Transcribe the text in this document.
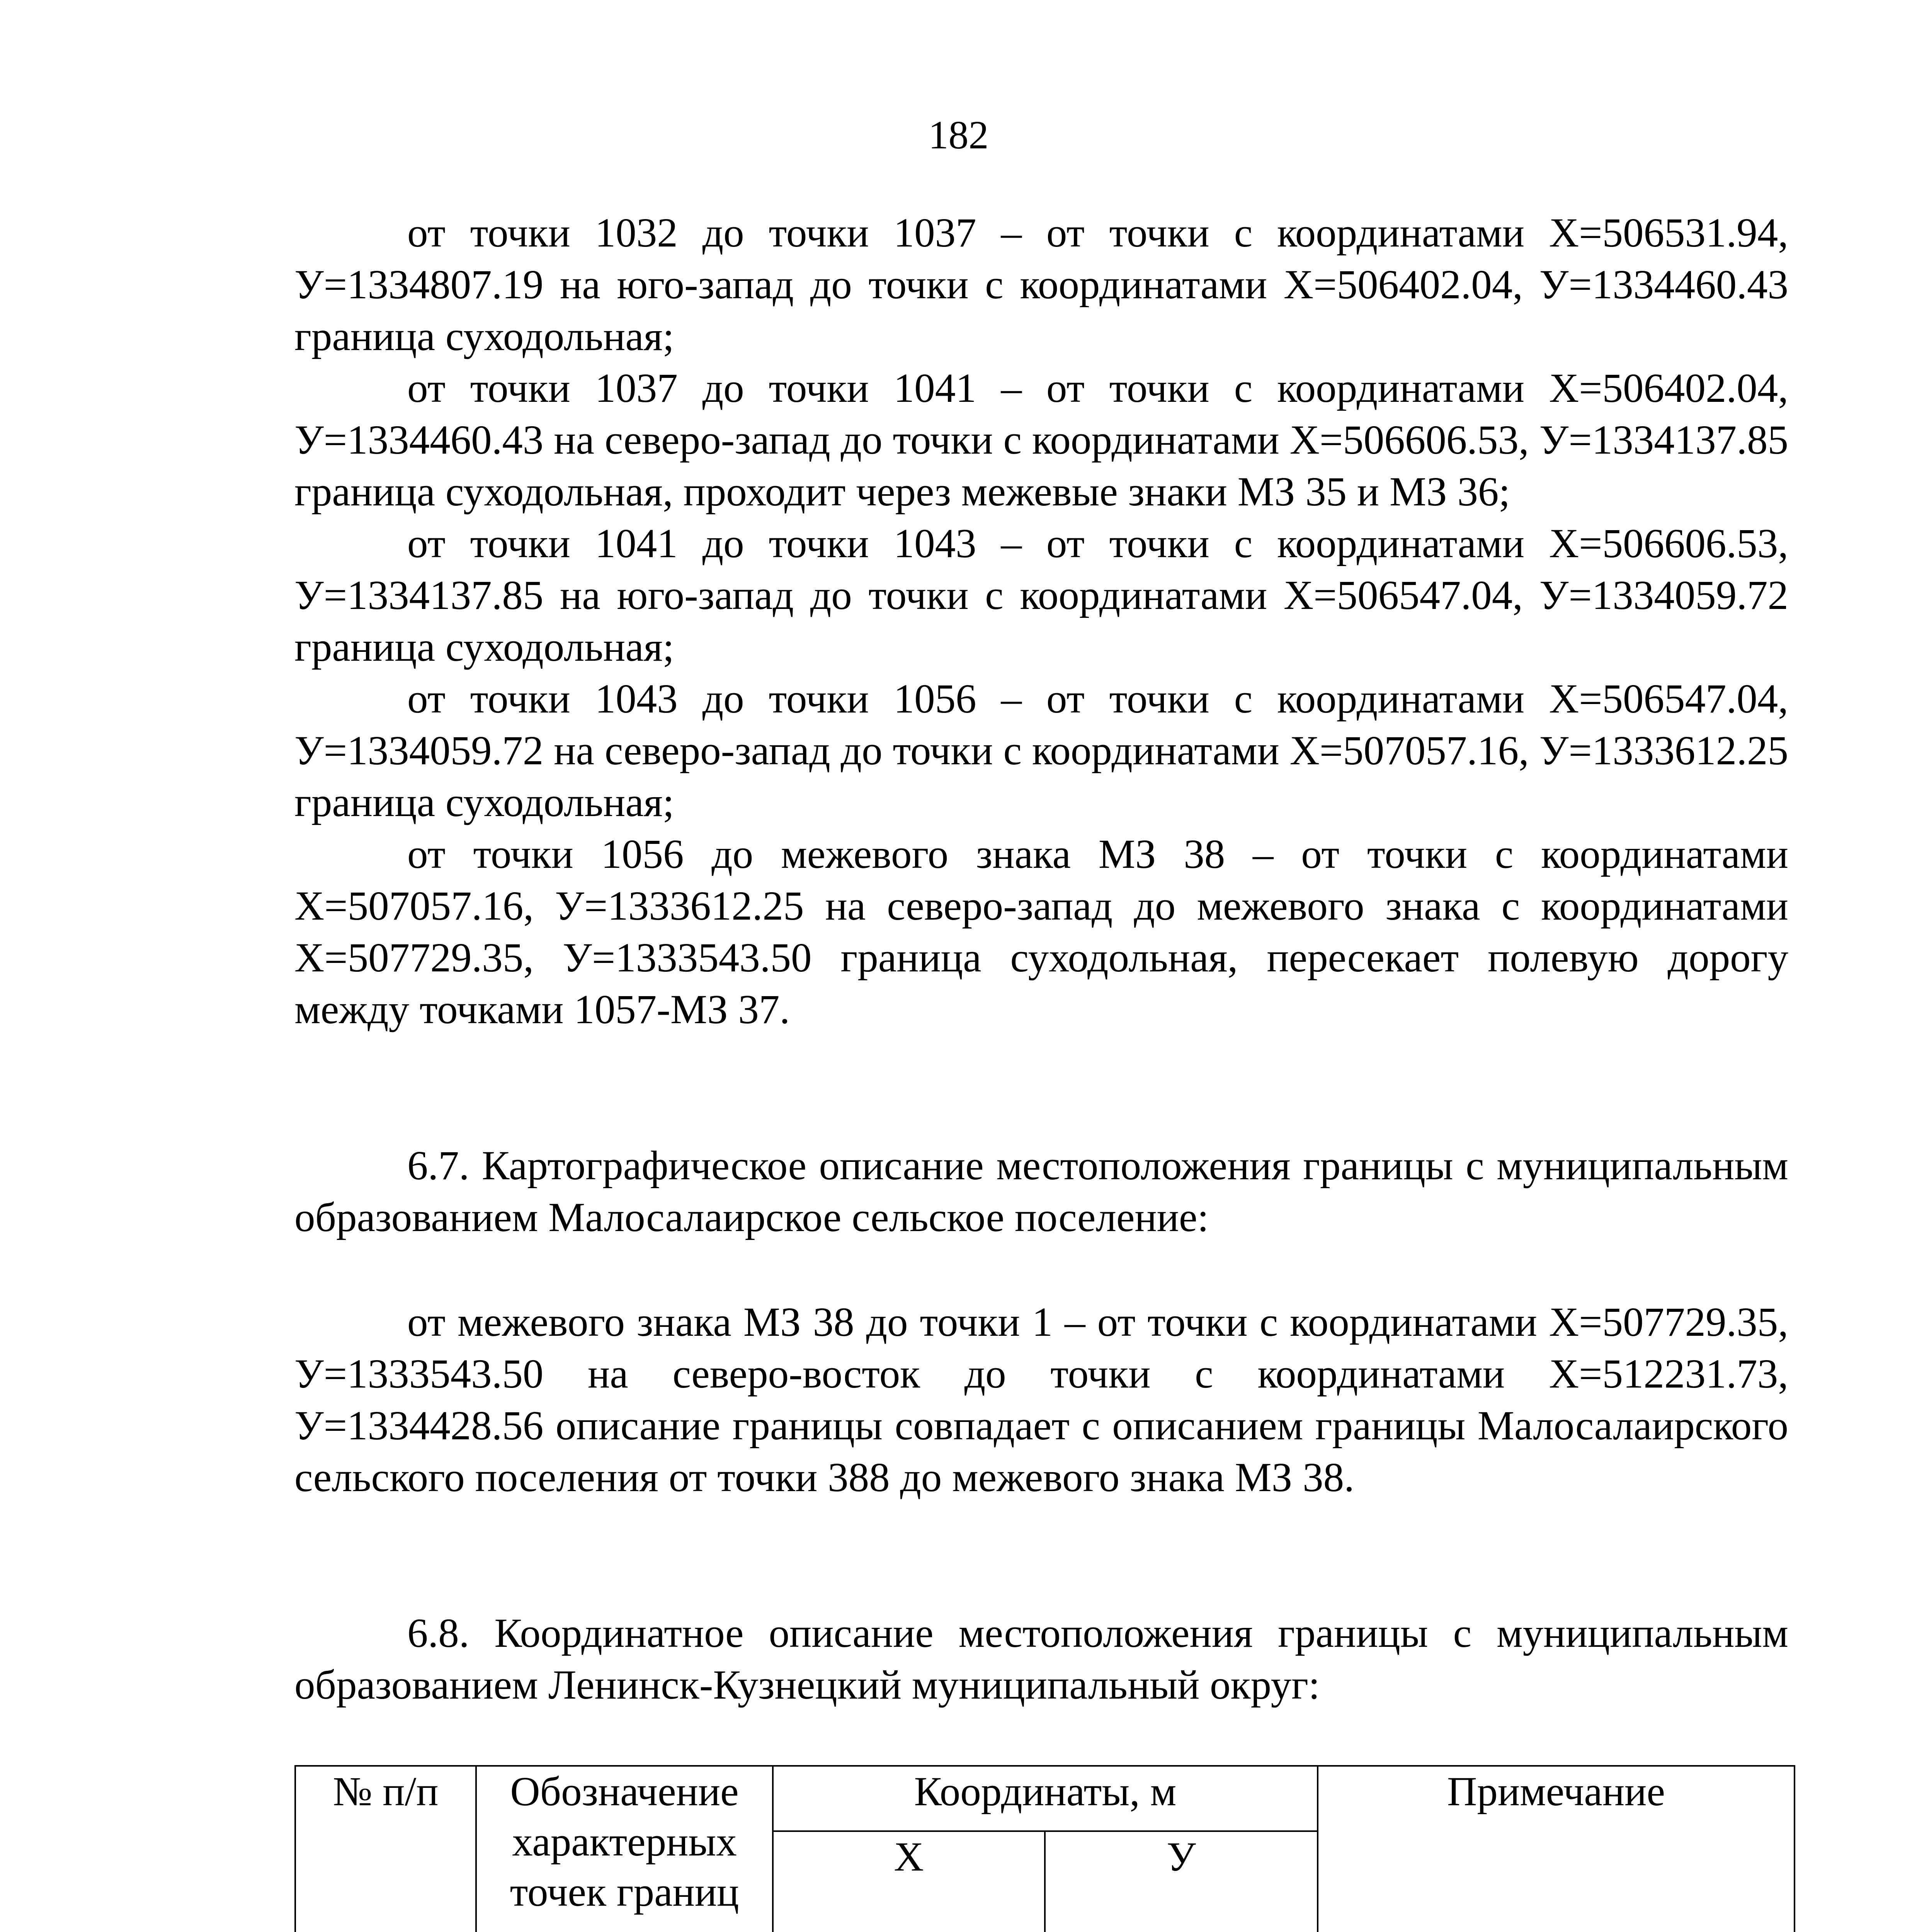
182

от точки 1032 до точки 1037 – от точки с координатами Х=506531.94, У=1334807.19 на юго-запад до точки с координатами Х=506402.04, У=1334460.43 граница суходольная;

от точки 1037 до точки 1041 – от точки с координатами Х=506402.04, У=1334460.43 на северо-запад до точки с координатами Х=506606.53, У=1334137.85 граница суходольная, проходит через межевые знаки МЗ 35 и МЗ 36;

от точки 1041 до точки 1043 – от точки с координатами Х=506606.53, У=1334137.85 на юго-запад до точки с координатами Х=506547.04, У=1334059.72 граница суходольная;

от точки 1043 до точки 1056 – от точки с координатами Х=506547.04, У=1334059.72 на северо-запад до точки с координатами Х=507057.16, У=1333612.25 граница суходольная;

от точки 1056 до межевого знака МЗ 38 – от точки с координатами Х=507057.16, У=1333612.25 на северо-запад до межевого знака с координатами Х=507729.35, У=1333543.50 граница суходольная, пересекает полевую дорогу между точками 1057-МЗ 37.

6.7. Картографическое описание местоположения границы с муниципальным образованием Малосалаирское сельское поселение:

от межевого знака МЗ 38 до точки 1 – от точки с координатами Х=507729.35, У=1333543.50 на северо-восток до точки с координатами Х=512231.73, У=1334428.56 описание границы совпадает с описанием границы Малосалаирского сельского поселения от точки 388 до межевого знака МЗ 38.

6.8. Координатное описание местоположения границы с муниципальным образованием Ленинск-Кузнецкий муниципальный округ:

№ п/п	Обозначение характерных точек границ	Координаты, м		Примечание
		Х	У	
